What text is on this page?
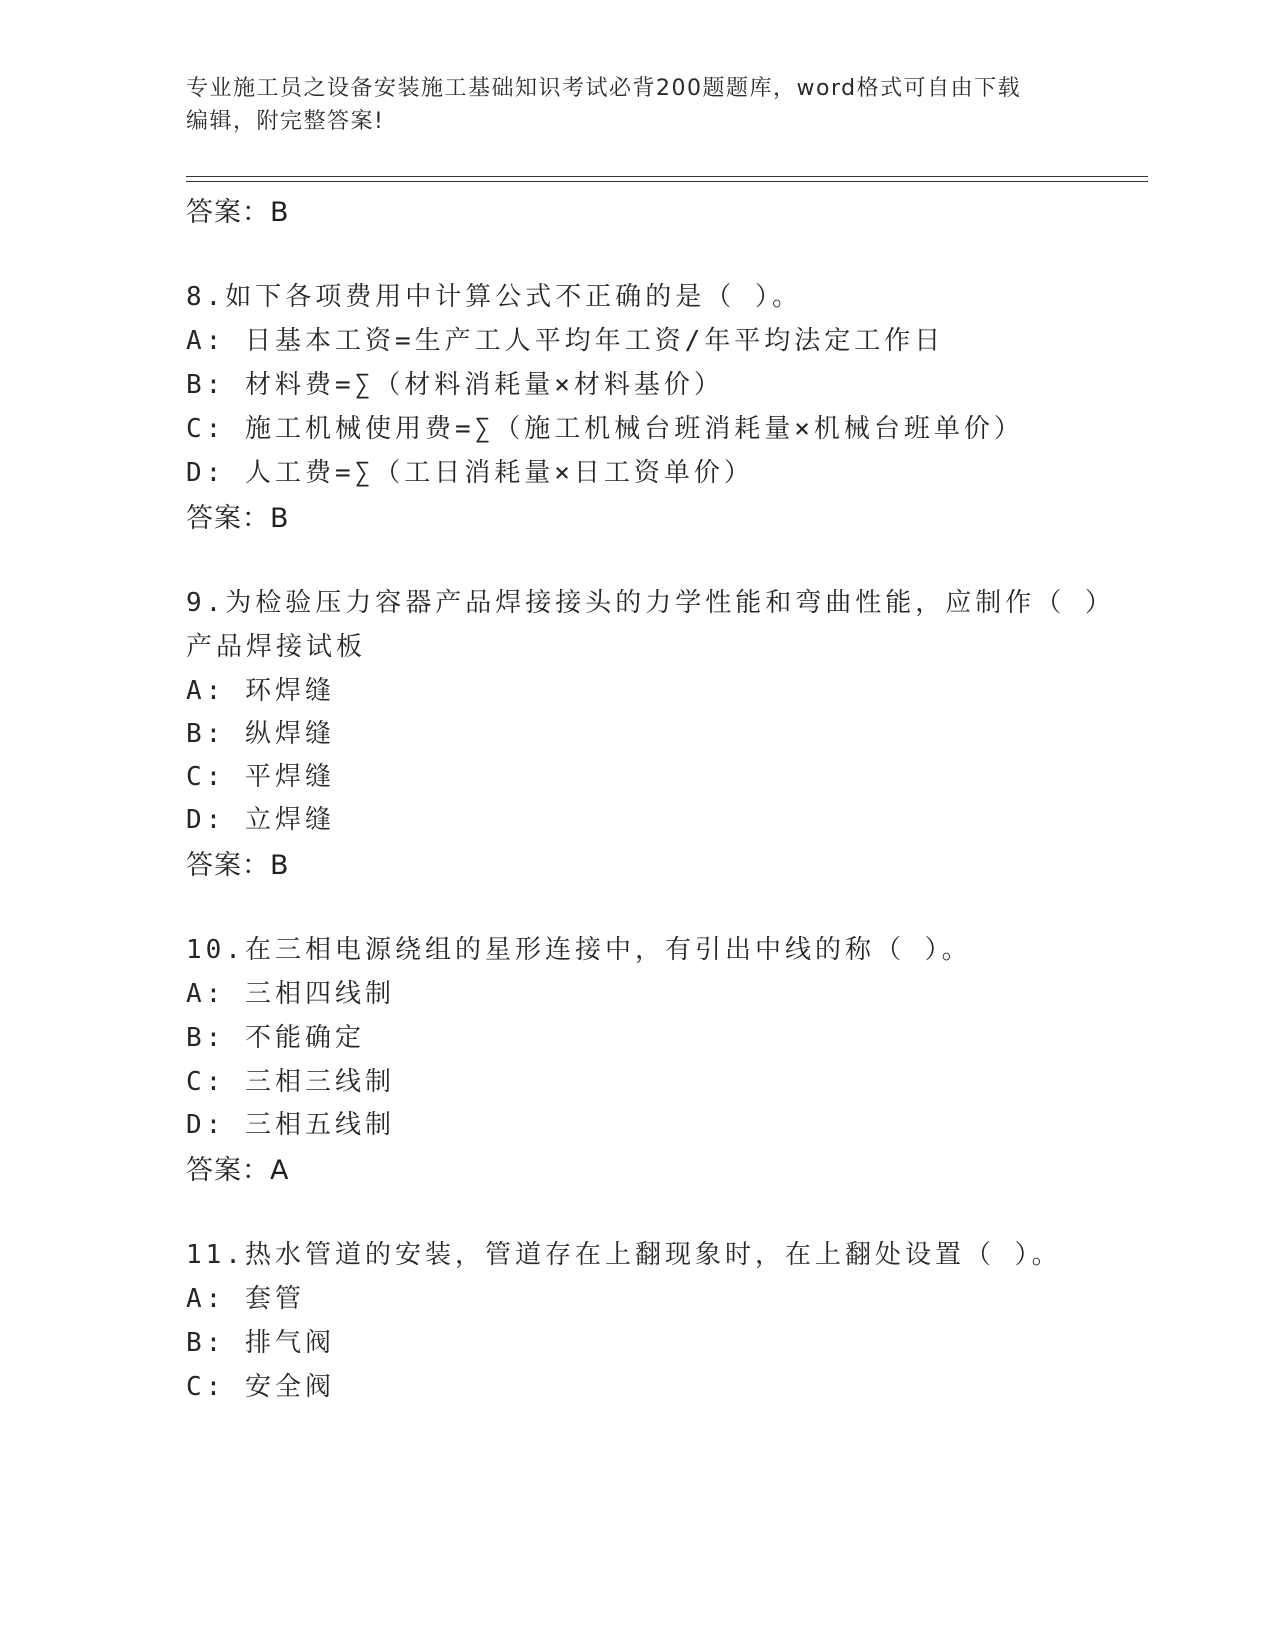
专业施工员之设备安装施工基础知识考试必背200题题库，word格式可自由下载
编辑，附完整答案!

答案：B

8.如下各项费用中计算公式不正确的是（ ）。

A: 日基本工资=生产工人平均年工资/年平均法定工作日

B: 材料费=∑（材料消耗量×材料基价）

C: 施工机械使用费=∑（施工机械台班消耗量×机械台班单价）

D: 人工费=∑（工日消耗量×日工资单价）

答案：B

9.为检验压力容器产品焊接接头的力学性能和弯曲性能，应制作（ ）

产品焊接试板

A: 环焊缝

B: 纵焊缝

C: 平焊缝

D: 立焊缝

答案：B

10.在三相电源绕组的星形连接中，有引出中线的称（ ）。

A: 三相四线制

B: 不能确定

C: 三相三线制

D: 三相五线制

答案：A

11.热水管道的安装，管道存在上翻现象时，在上翻处设置（ ）。

A: 套管

B: 排气阀

C: 安全阀
